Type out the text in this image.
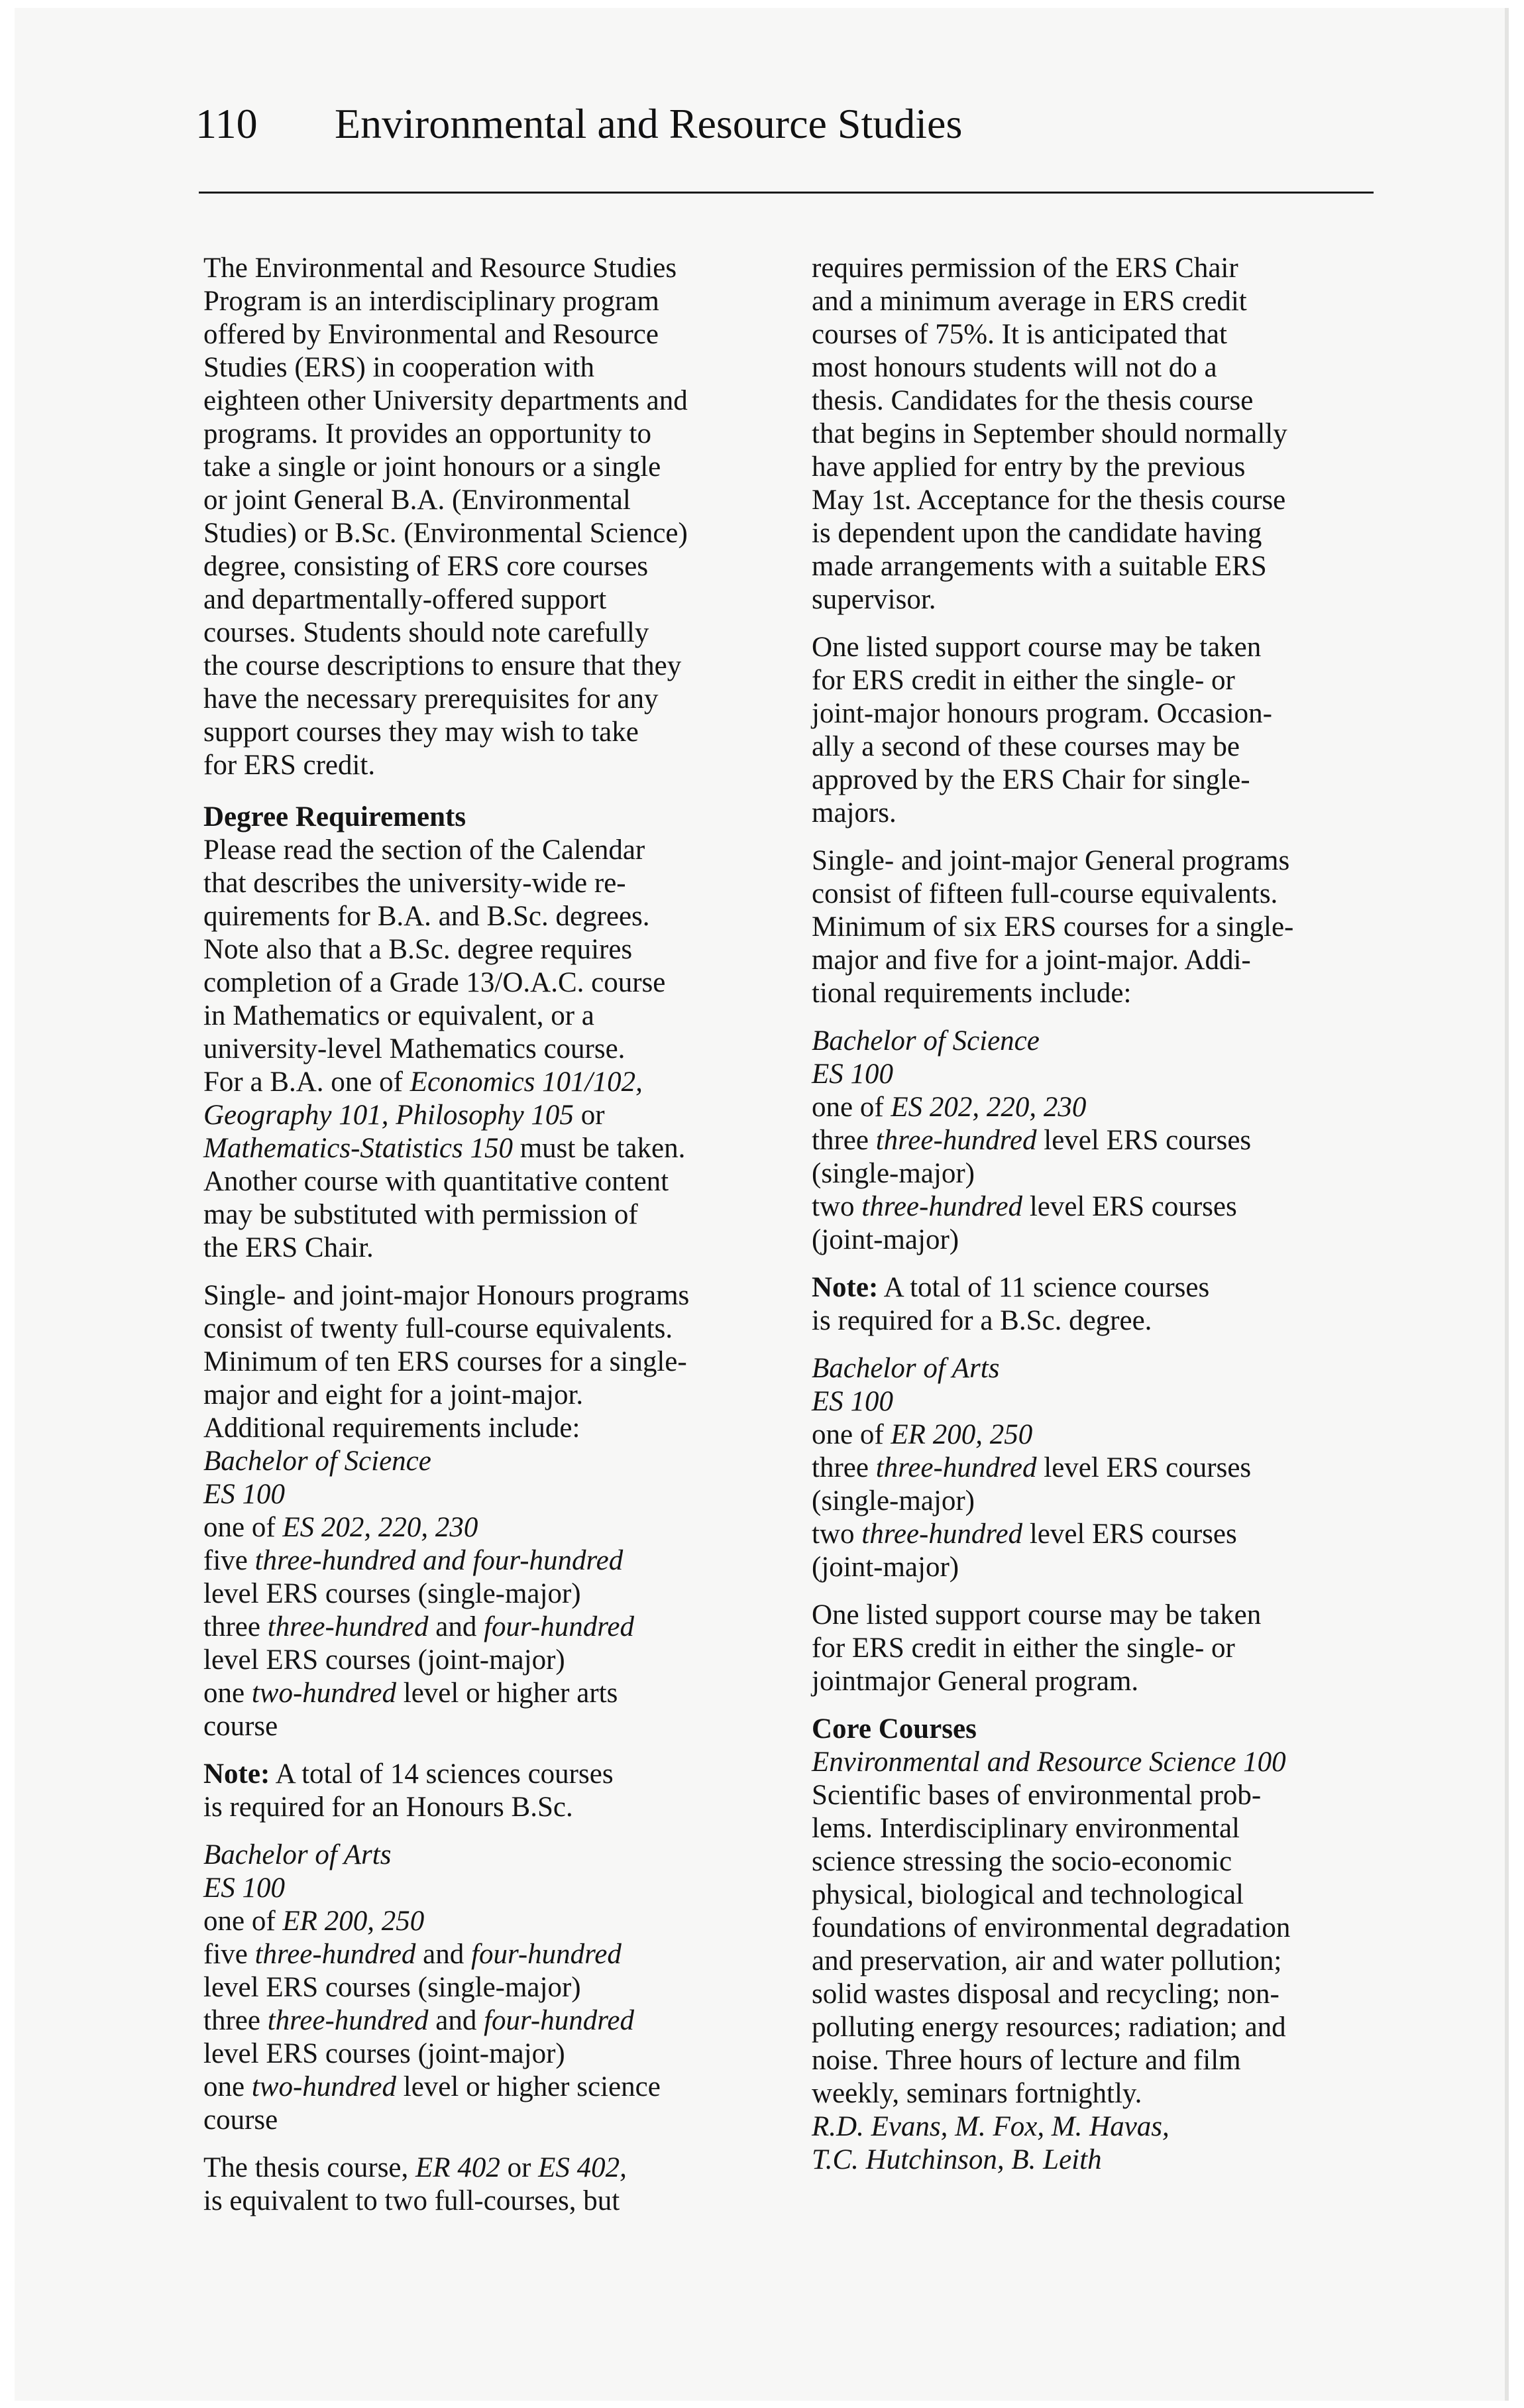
110 Environmental and Resource Studies

The Environmental and Resource Studies
Program is an interdisciplinary program
offered by Environmental and Resource
Studies (ERS) in cooperation with
eighteen other University departments and
programs. It provides an opportunity to
take a single or joint honours or a single
or joint General B.A. (Environmental
Studies) or B.Sc. (Environmental Science)
degree, consisting of ERS core courses
and departmentally-offered support
courses. Students should note carefully
the course descriptions to ensure that they
have the necessary prerequisites for any
support courses they may wish to take
for ERS credit.

Degree Requirements

Please read the section of the Calendar
that describes the university-wide re-
quirements for B.A. and B.Sc. degrees.
Note also that a B.Sc. degree requires
completion of a Grade 13/O.A.C. course
in Mathematics or equivalent, or a
university-level Mathematics course.
For a B.A. one of Economics 101/102,
Geography 101, Philosophy 105 or
Mathematics-Statistics 150 must be taken.
Another course with quantitative content
may be substituted with permission of
the ERS Chair.

Single- and joint-major Honours programs
consist of twenty full-course equivalents.
Minimum of ten ERS courses for a single-
major and eight for a joint-major.
Additional requirements include:
Bachelor of Science
ES 100
one of ES 202, 220, 230
five three-hundred and four-hundred
level ERS courses (single-major)
three three-hundred and four-hundred
level ERS courses (joint-major)
one two-hundred level or higher arts
course

Note: A total of 14 sciences courses
is required for an Honours B.Sc.

Bachelor of Arts
ES 100
one of ER 200, 250
five three-hundred and four-hundred
level ERS courses (single-major)
three three-hundred and four-hundred
level ERS courses (joint-major)
one two-hundred level or higher science
course

The thesis course, ER 402 or ES 402,
is equivalent to two full-courses, but

requires permission of the ERS Chair
and a minimum average in ERS credit
courses of 75%. It is anticipated that
most honours students will not do a
thesis. Candidates for the thesis course
that begins in September should normally
have applied for entry by the previous
May 1st. Acceptance for the thesis course
is dependent upon the candidate having
made arrangements with a suitable ERS
supervisor.

One listed support course may be taken
for ERS credit in either the single- or
joint-major honours program. Occasion-
ally a second of these courses may be
approved by the ERS Chair for single-
majors.

Single- and joint-major General programs
consist of fifteen full-course equivalents.
Minimum of six ERS courses for a single-
major and five for a joint-major. Addi-
tional requirements include:

Bachelor of Science
ES 100
one of ES 202, 220, 230
three three-hundred level ERS courses
(single-major)
two three-hundred level ERS courses
(joint-major)

Note: A total of 11 science courses
is required for a B.Sc. degree.

Bachelor of Arts
ES 100
one of ER 200, 250
three three-hundred level ERS courses
(single-major)
two three-hundred level ERS courses
(joint-major)

One listed support course may be taken
for ERS credit in either the single- or
jointmajor General program.

Core Courses
Environmental and Resource Science 100
Scientific bases of environmental prob-
lems. Interdisciplinary environmental
science stressing the socio-economic
physical, biological and technological
foundations of environmental degradation
and preservation, air and water pollution;
solid wastes disposal and recycling; non-
polluting energy resources; radiation; and
noise. Three hours of lecture and film
weekly, seminars fortnightly.
R.D. Evans, M. Fox, M. Havas,
T.C. Hutchinson, B. Leith
